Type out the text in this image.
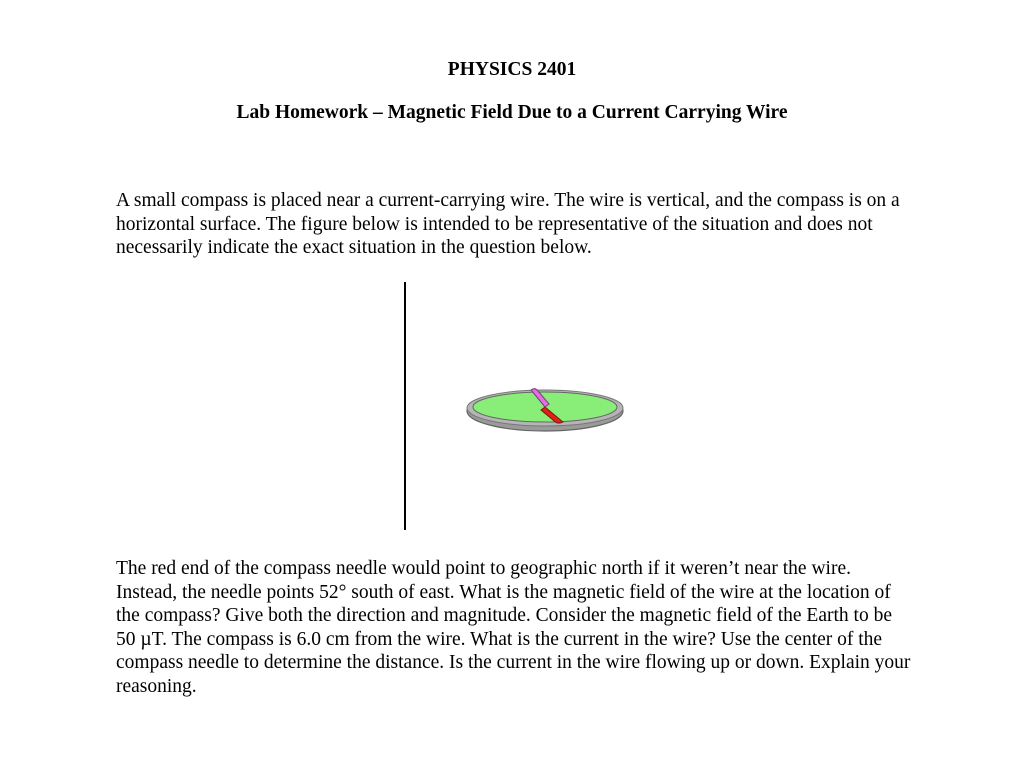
PHYSICS 2401
Lab Homework – Magnetic Field Due to a Current Carrying Wire

A small compass is placed near a current-carrying wire. The wire is vertical, and the compass is on a horizontal surface. The figure below is intended to be representative of the situation and does not necessarily indicate the exact situation in the question below.

The red end of the compass needle would point to geographic north if it weren’t near the wire. Instead, the needle points 52° south of east. What is the magnetic field of the wire at the location of the compass? Give both the direction and magnitude. Consider the magnetic field of the Earth to be 50 µT. The compass is 6.0 cm from the wire. What is the current in the wire? Use the center of the compass needle to determine the distance. Is the current in the wire flowing up or down. Explain your reasoning.
